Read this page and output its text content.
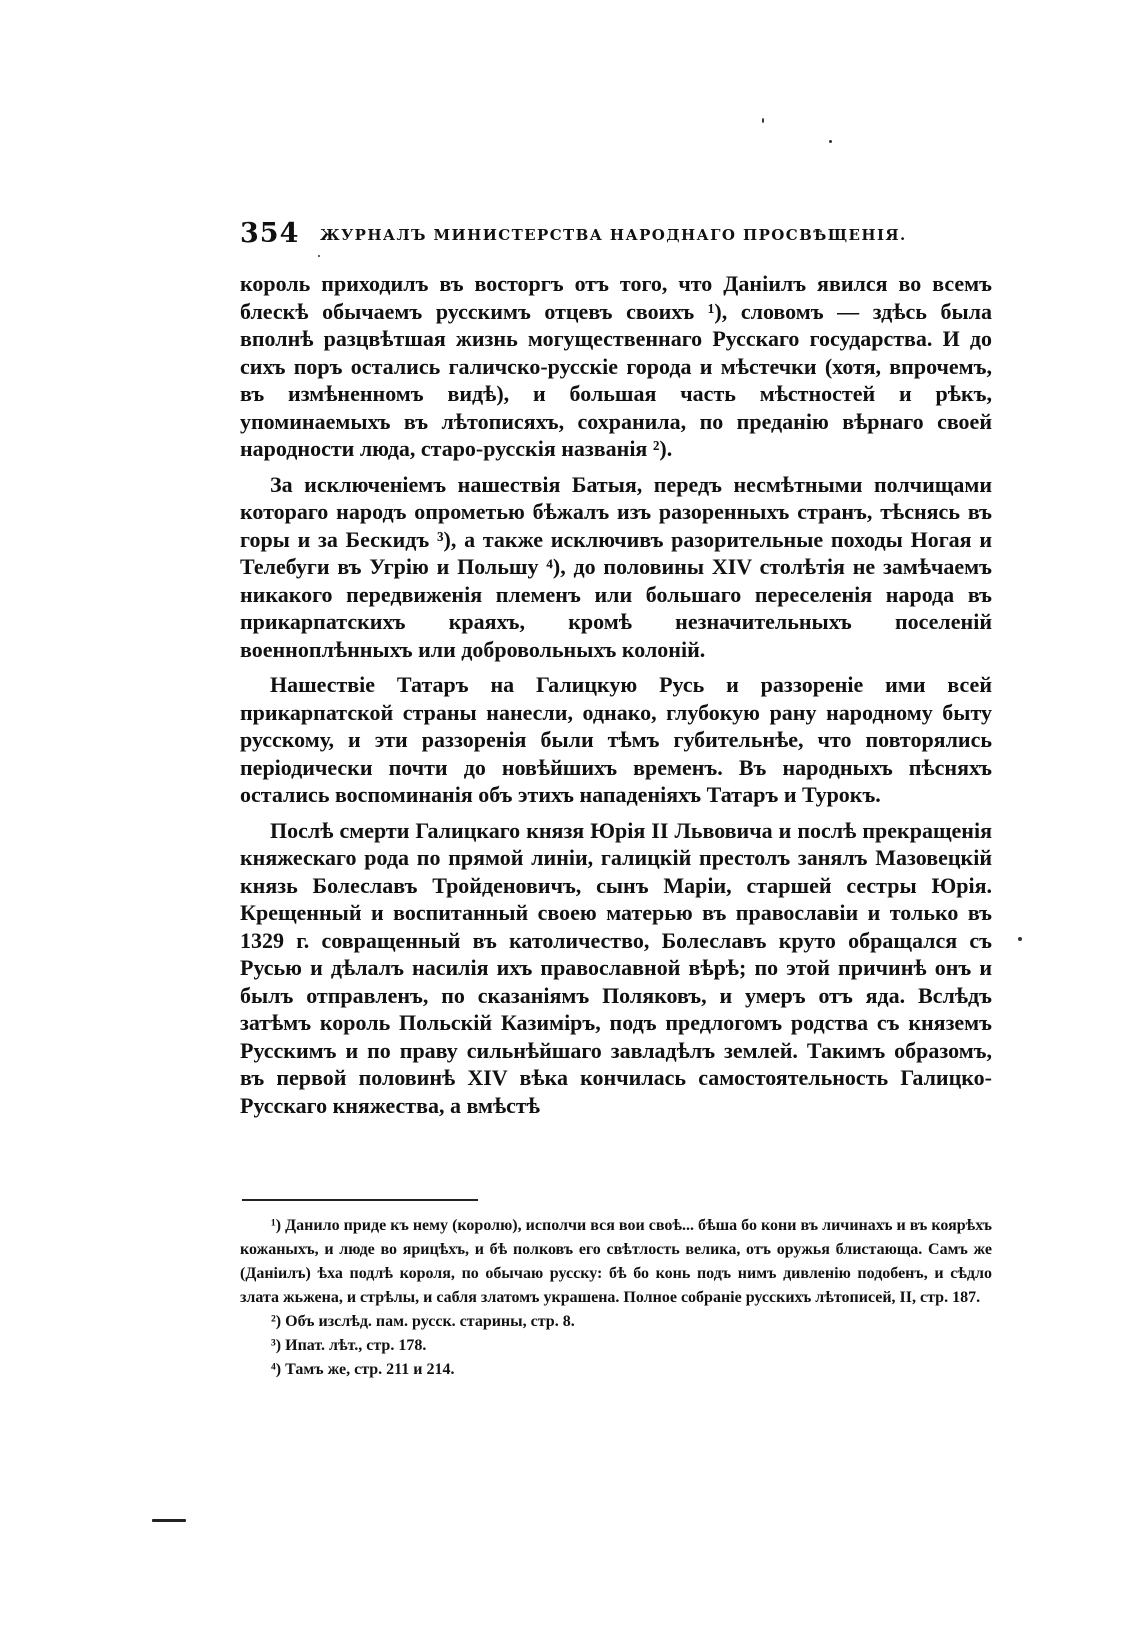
354 ЖУРНАЛЪ МИНИСТЕРСТВА НАРОДНАГО ПРОСВѢЩЕНІЯ.

король приходилъ въ восторгъ отъ того, что Даніилъ явился во всемъ блескѣ обычаемъ русскимъ отцевъ своихъ ¹), словомъ — здѣсь была вполнѣ разцвѣтшая жизнь могущественнаго Русскаго государства. И до сихъ поръ остались галичско-русскіе города и мѣстечки (хотя, впрочемъ, въ измѣненномъ видѣ), и большая часть мѣстностей и рѣкъ, упоминаемыхъ въ лѣтописяхъ, сохранила, по преданію вѣрнаго своей народности люда, старо-русскія названія ²).

За исключеніемъ нашествія Батыя, передъ несмѣтными полчищами котораго народъ опрометью бѣжалъ изъ разоренныхъ странъ, тѣснясь въ горы и за Бескидъ ³), а также исключивъ разорительные походы Ногая и Телебуги въ Угрію и Польшу ⁴), до половины XIV столѣтія не замѣчаемъ никакого передвиженія племенъ или большаго переселенія народа въ прикарпатскихъ краяхъ, кромѣ незначительныхъ поселеній военноплѣнныхъ или добровольныхъ колоній.

Нашествіе Татаръ на Галицкую Русь и раззореніе ими всей прикарпатской страны нанесли, однако, глубокую рану народному быту русскому, и эти раззоренія были тѣмъ губительнѣе, что повторялись періодически почти до новѣйшихъ временъ. Въ народныхъ пѣсняхъ остались воспоминанія объ этихъ нападеніяхъ Татаръ и Турокъ.

Послѣ смерти Галицкаго князя Юрія II Львовича и послѣ прекращенія княжескаго рода по прямой линіи, галицкій престолъ занялъ Мазовецкій князь Болеславъ Тройденовичъ, сынъ Маріи, старшей сестры Юрія. Крещенный и воспитанный своею матерью въ православіи и только въ 1329 г. совращенный въ католичество, Болеславъ круто обращался съ Русью и дѣлалъ насилія ихъ православной вѣрѣ; по этой причинѣ онъ и былъ отправленъ, по сказаніямъ Поляковъ, и умеръ отъ яда. Вслѣдъ затѣмъ король Польскій Казиміръ, подъ предлогомъ родства съ княземъ Русскимъ и по праву сильнѣйшаго завладѣлъ землей. Такимъ образомъ, въ первой половинѣ XIV вѣка кончилась самостоятельность Галицко-Русскаго княжества, а вмѣстѣ

¹) Данило приде къ нему (королю), исполчи вся вои своѣ... бѣша бо кони въ личинахъ и въ коярѣхъ кожаныхъ, и люде во ярицѣхъ, и бѣ полковъ его свѣтлость велика, отъ оружья блистающа. Самъ же (Даніилъ) ѣха подлѣ короля, по обычаю русску: бѣ бо конь подъ нимъ дивленію подобенъ, и сѣдло злата жьжена, и стрѣлы, и сабля златомъ украшена. Полное собраніе русскихъ лѣтописей, II, стр. 187.

²) Объ изслѣд. пам. русск. старины, стр. 8.

³) Ипат. лѣт., стр. 178.

⁴) Тамъ же, стр. 211 и 214.
